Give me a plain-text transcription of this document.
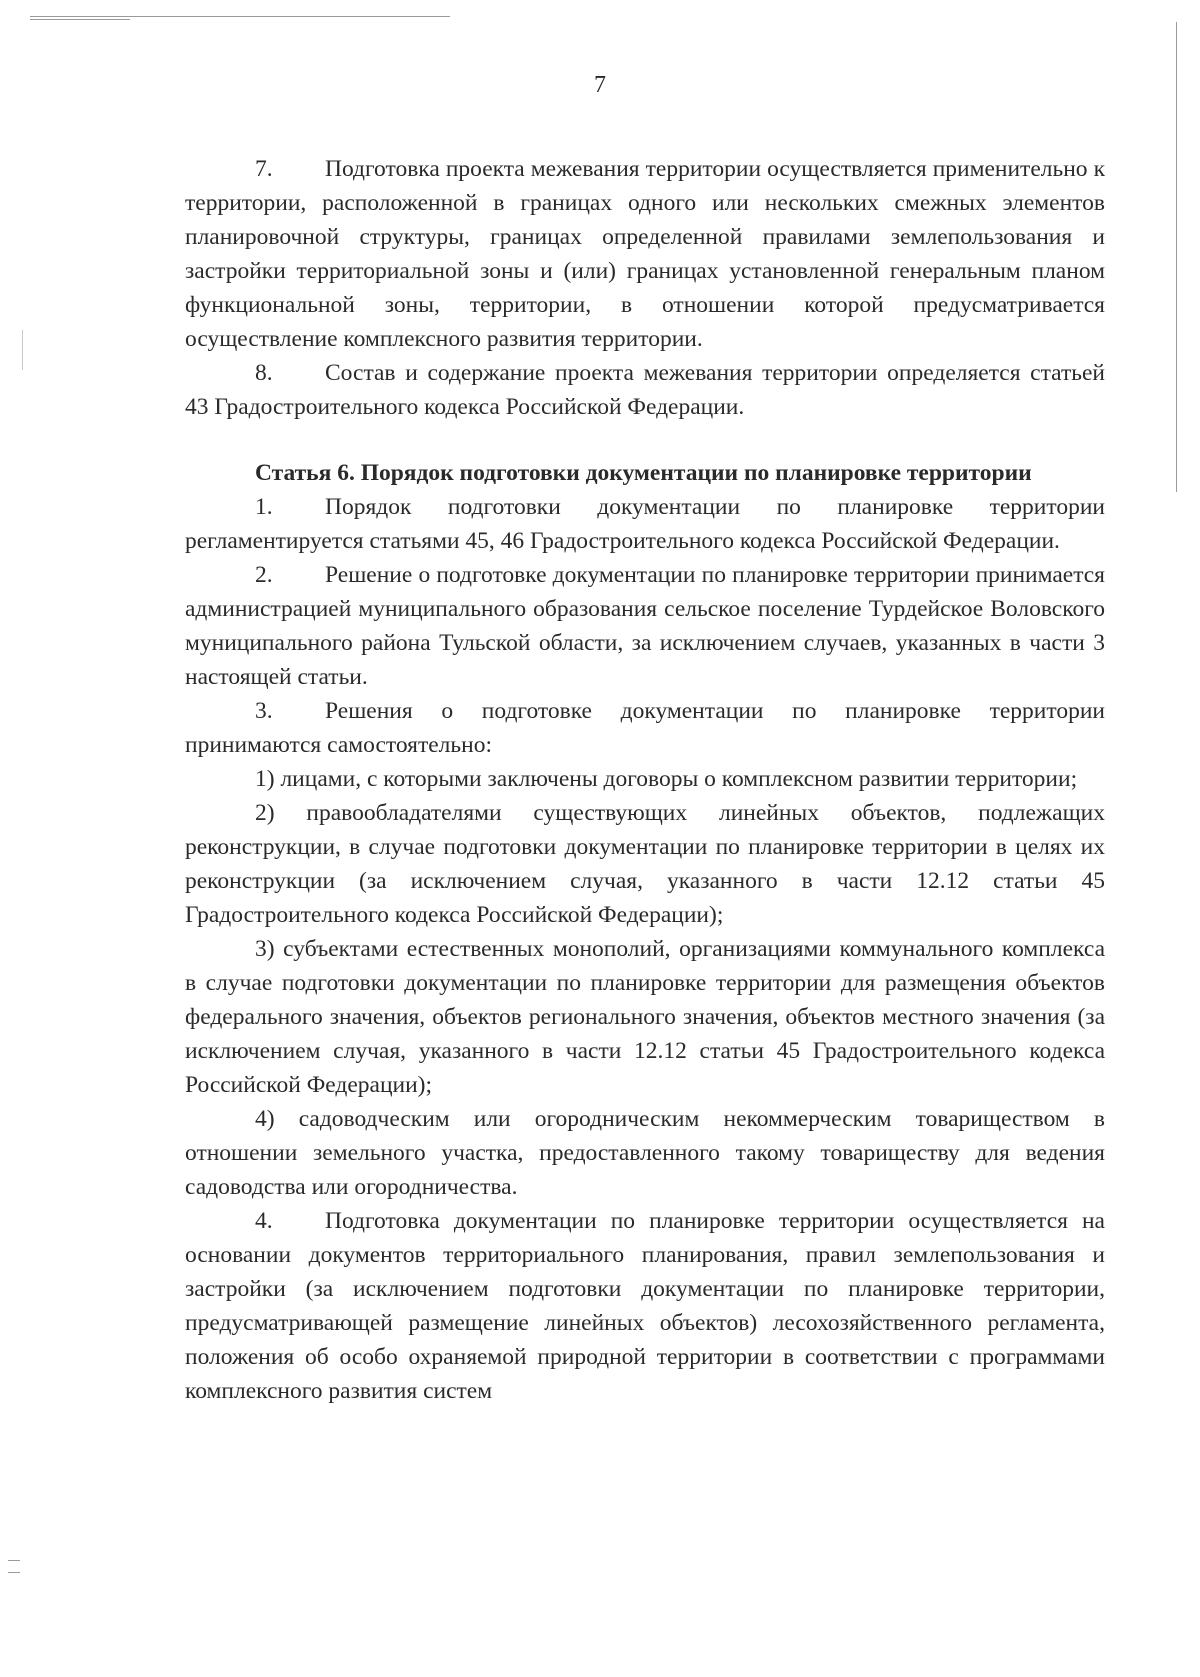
7

7. Подготовка проекта межевания территории осуществляется применительно к территории, расположенной в границах одного или нескольких смежных элементов планировочной структуры, границах определенной правилами землепользования и застройки территориальной зоны и (или) границах установленной генеральным планом функциональной зоны, территории, в отношении которой предусматривается осуществление комплексного развития территории.

8. Состав и содержание проекта межевания территории определяется статьей 43 Градостроительного кодекса Российской Федерации.

Статья 6. Порядок подготовки документации по планировке территории

1. Порядок подготовки документации по планировке территории регламентируется статьями 45, 46 Градостроительного кодекса Российской Федерации.

2. Решение о подготовке документации по планировке территории принимается администрацией муниципального образования сельское поселение Турдейское Воловского муниципального района Тульской области, за исключением случаев, указанных в части 3 настоящей статьи.

3. Решения о подготовке документации по планировке территории принимаются самостоятельно:

1) лицами, с которыми заключены договоры о комплексном развитии территории;

2) правообладателями существующих линейных объектов, подлежащих реконструкции, в случае подготовки документации по планировке территории в целях их реконструкции (за исключением случая, указанного в части 12.12 статьи 45 Градостроительного кодекса Российской Федерации);

3) субъектами естественных монополий, организациями коммунального комплекса в случае подготовки документации по планировке территории для размещения объектов федерального значения, объектов регионального значения, объектов местного значения (за исключением случая, указанного в части 12.12 статьи 45 Градостроительного кодекса Российской Федерации);

4) садоводческим или огородническим некоммерческим товариществом в отношении земельного участка, предоставленного такому товариществу для ведения садоводства или огородничества.

4. Подготовка документации по планировке территории осуществляется на основании документов территориального планирования, правил землепользования и застройки (за исключением подготовки документации по планировке территории, предусматривающей размещение линейных объектов) лесохозяйственного регламента, положения об особо охраняемой природной территории в соответствии с программами комплексного развития систем
